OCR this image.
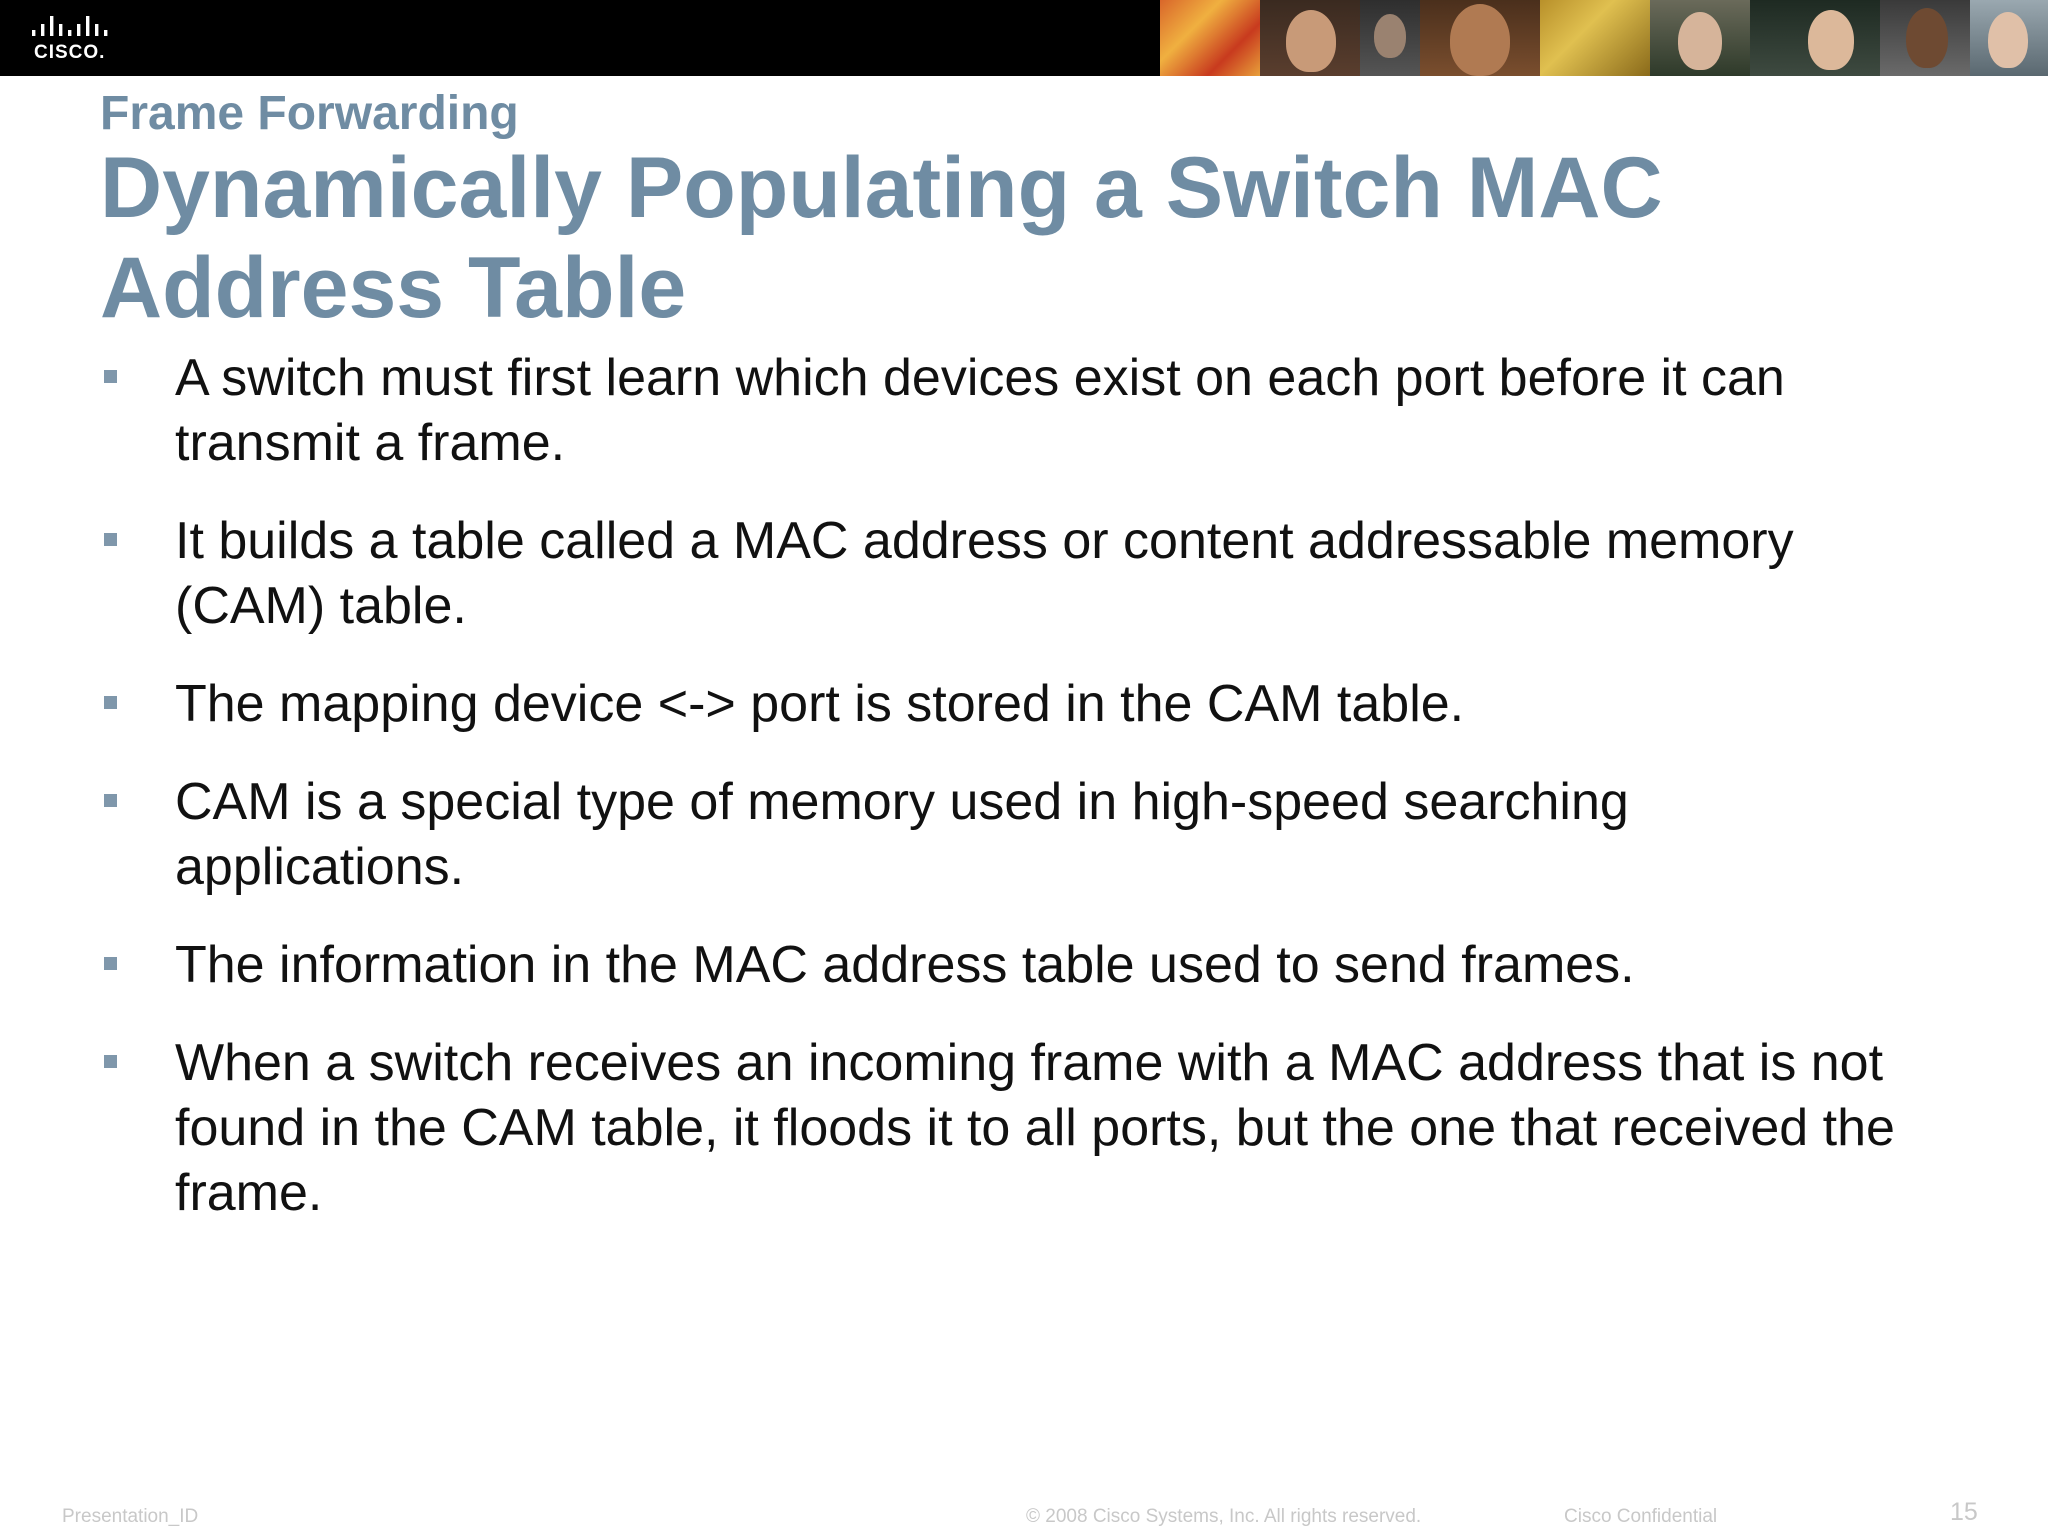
CISCO.
Frame Forwarding
Dynamically Populating a Switch MAC Address Table
A switch must first learn which devices exist on each port before it can transmit a frame.
It builds a table called a MAC address or content addressable memory (CAM) table.
The mapping device <-> port is stored in the CAM table.
CAM is a special type of memory used in high-speed searching applications.
The information in the MAC address table used to send frames.
When a switch receives an incoming frame with a MAC address that is not found in the CAM table, it floods it to all ports, but the one that received the frame.
Presentation_ID	© 2008 Cisco Systems, Inc. All rights reserved.	Cisco Confidential	15
